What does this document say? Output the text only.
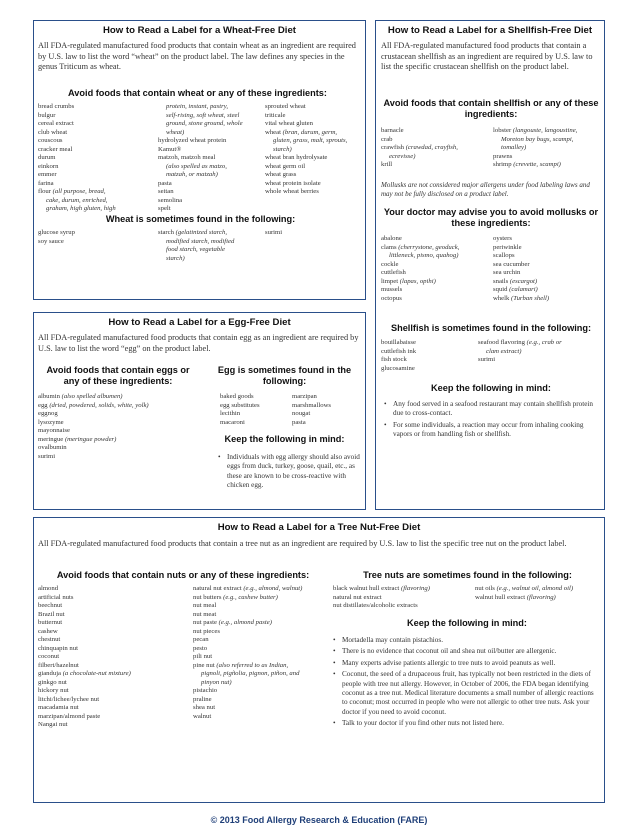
How to Read a Label for a Wheat-Free Diet
All FDA-regulated manufactured food products that contain wheat as an ingredient are required by U.S. law to list the word “wheat” on the product label. The law defines any species in the genus Triticum as wheat.
Avoid foods that contain wheat or any of these ingredients:
bread crumbs
bulgur
cereal extract
club wheat
couscous
cracker meal
durum
einkorn
emmer
farina
flour (all purpose, bread,
cake, durum, enriched,
graham, high gluten, high
protein, instant, pastry,
self-rising, soft wheat, steel
ground, stone ground, whole
wheat)
hydrolyzed wheat protein
Kamut®
matzoh, matzoh meal
(also spelled as matzo,
matzah, or matzah)
pasta
seitan
semolina
spelt
sprouted wheat
triticale
vital wheat gluten
wheat (bran, durum, germ,
gluten, grass, malt, sprouts,
starch)
wheat bran hydrolysate
wheat germ oil
wheat grass
wheat protein isolate
whole wheat berries
Wheat is sometimes found in the following:
glucose syrup
soy sauce
starch (gelatinized starch,
modified starch, modified
food starch, vegetable
starch)
surimi
How to Read a Label for a Shellfish-Free Diet
All FDA-regulated manufactured food products that contain a crustacean shellfish as an ingredient are required by U.S. law to list the specific crustacean shellfish on the product label.
Avoid foods that contain shellfish or any of these ingredients:
barnacle
crab
crawfish (crawdad, crayfish,
ecrevisse)
krill
lobster (langouste, langoustine,
Moreton bay bugs, scampi,
tomalley)
prawns
shrimp (crevette, scampi)
Mollusks are not considered major allergens under food labeling laws and may not be fully disclosed on a product label.
Your doctor may advise you to avoid mollusks or these ingredients:
abalone
clams (cherrystone, geoduck,
littleneck, pismo, quahog)
cockle
cuttlefish
limpet (lapas, opihi)
mussels
octopus
oysters
periwinkle
scallops
sea cucumber
sea urchin
snails (escargot)
squid (calamari)
whelk (Turban shell)
Shellfish is sometimes found in the following:
bouillabaisse
cuttlefish ink
fish stock
glucosamine
seafood flavoring (e.g., crab or
clam extract)
surimi
Keep the following in mind:
• Any food served in a seafood restaurant may contain shellfish protein due to cross-contact.
• For some individuals, a reaction may occur from inhaling cooking vapors or from handling fish or shellfish.
How to Read a Label for a Egg-Free Diet
All FDA-regulated manufactured food products that contain egg as an ingredient are required by U.S. law to list the word “egg” on the product label.
Avoid foods that contain eggs or any of these ingredients:
albumin (also spelled albumen)
egg (dried, powdered, solids, white, yolk)
eggnog
lysozyme
mayonnaise
meringue (meringue powder)
ovalbumin
surimi
Egg is sometimes found in the following:
baked goods
egg substitutes
lecithin
macaroni
marzipan
marshmallows
nougat
pasta
Keep the following in mind:
• Individuals with egg allergy should also avoid eggs from duck, turkey, goose, quail, etc., as these are known to be cross-reactive with chicken egg.
How to Read a Label for a Tree Nut-Free Diet
All FDA-regulated manufactured food products that contain a tree nut as an ingredient are required by U.S. law to list the specific tree nut on the product label.
Avoid foods that contain nuts or any of these ingredients:
almond
artificial nuts
beechnut
Brazil nut
butternut
cashew
chestnut
chinquapin nut
coconut
filbert/hazelnut
gianduja (a chocolate-nut mixture)
ginkgo nut
hickory nut
litchi/lichee/lychee nut
macadamia nut
marzipan/almond paste
Nangai nut
natural nut extract (e.g., almond, walnut)
nut butters (e.g., cashew butter)
nut meal
nut meat
nut paste (e.g., almond paste)
nut pieces
pecan
pesto
pili nut
pine nut (also referred to as Indian,
pignoli, pigñolia, pignon, piñon, and
pinyon nut)
pistachio
praline
shea nut
walnut
Tree nuts are sometimes found in the following:
black walnut hull extract (flavoring)
natural nut extract
nut distillates/alcoholic extracts
nut oils (e.g., walnut oil, almond oil)
walnut hull extract (flavoring)
Keep the following in mind:
• Mortadella may contain pistachios.
• There is no evidence that coconut oil and shea nut oil/butter are allergenic.
• Many experts advise patients allergic to tree nuts to avoid peanuts as well.
• Coconut, the seed of a drupaceous fruit, has typically not been restricted in the diets of people with tree nut allergy. However, in October of 2006, the FDA began identifying coconut as a tree nut. Medical literature documents a small number of allergic reactions to coconut; most occurred in people who were not allergic to other tree nuts. Ask your doctor if you need to avoid coconut.
• Talk to your doctor if you find other nuts not listed here.
© 2013 Food Allergy Research & Education (FARE)
